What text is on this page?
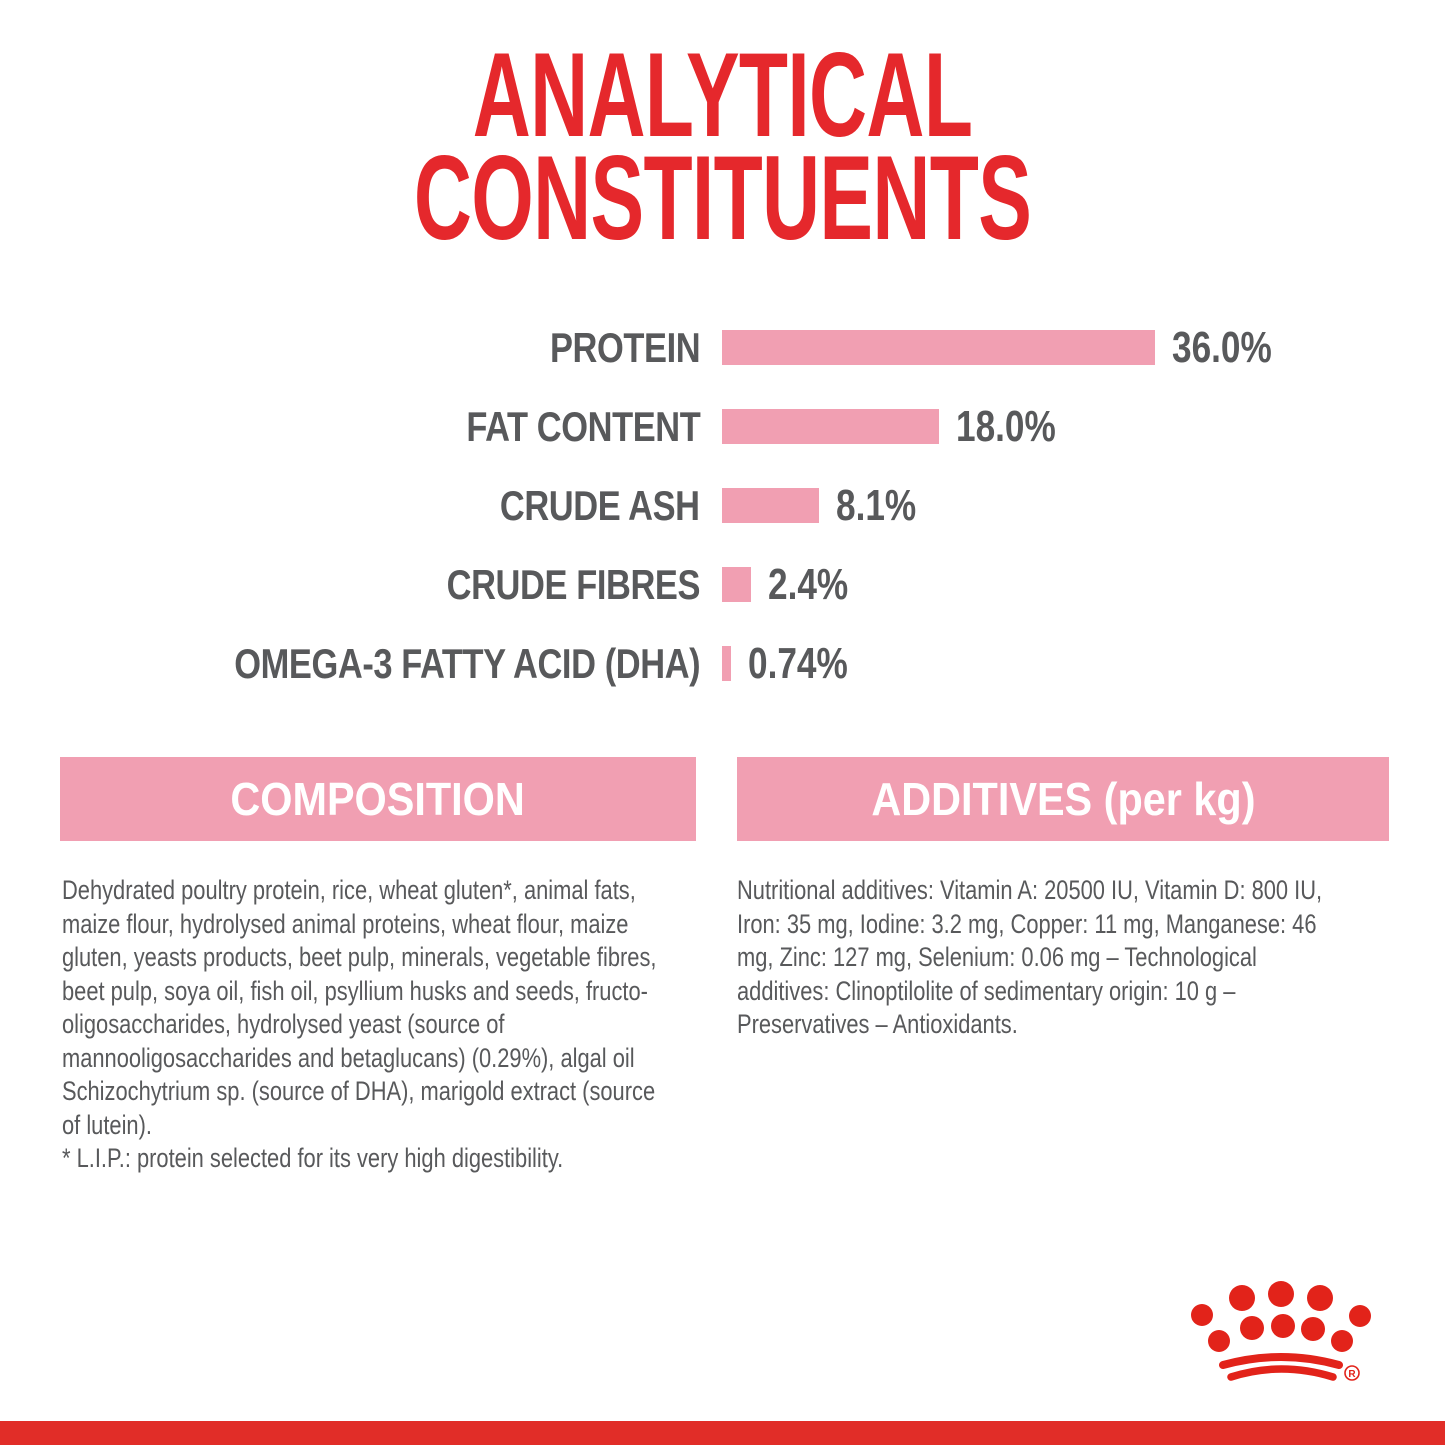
ANALYTICAL
CONSTITUENTS
PROTEIN	36.0%
FAT CONTENT	18.0%
CRUDE ASH	8.1%
CRUDE FIBRES	2.4%
OMEGA-3 FATTY ACID (DHA)	0.74%
COMPOSITION	ADDITIVES (per kg)
Dehydrated poultry protein, rice, wheat gluten*, animal fats, maize flour, hydrolysed animal proteins, wheat flour, maize gluten, yeasts products, beet pulp, minerals, vegetable fibres, beet pulp, soya oil, fish oil, psyllium husks and seeds, fructo-oligosaccharides, hydrolysed yeast (source of mannooligosaccharides and betaglucans) (0.29%), algal oil Schizochytrium sp. (source of DHA), marigold extract (source of lutein).
* L.I.P.: protein selected for its very high digestibility.
Nutritional additives: Vitamin A: 20500 IU, Vitamin D: 800 IU, Iron: 35 mg, Iodine: 3.2 mg, Copper: 11 mg, Manganese: 46 mg, Zinc: 127 mg, Selenium: 0.06 mg – Technological additives: Clinoptilolite of sedimentary origin: 10 g – Preservatives – Antioxidants.
R
